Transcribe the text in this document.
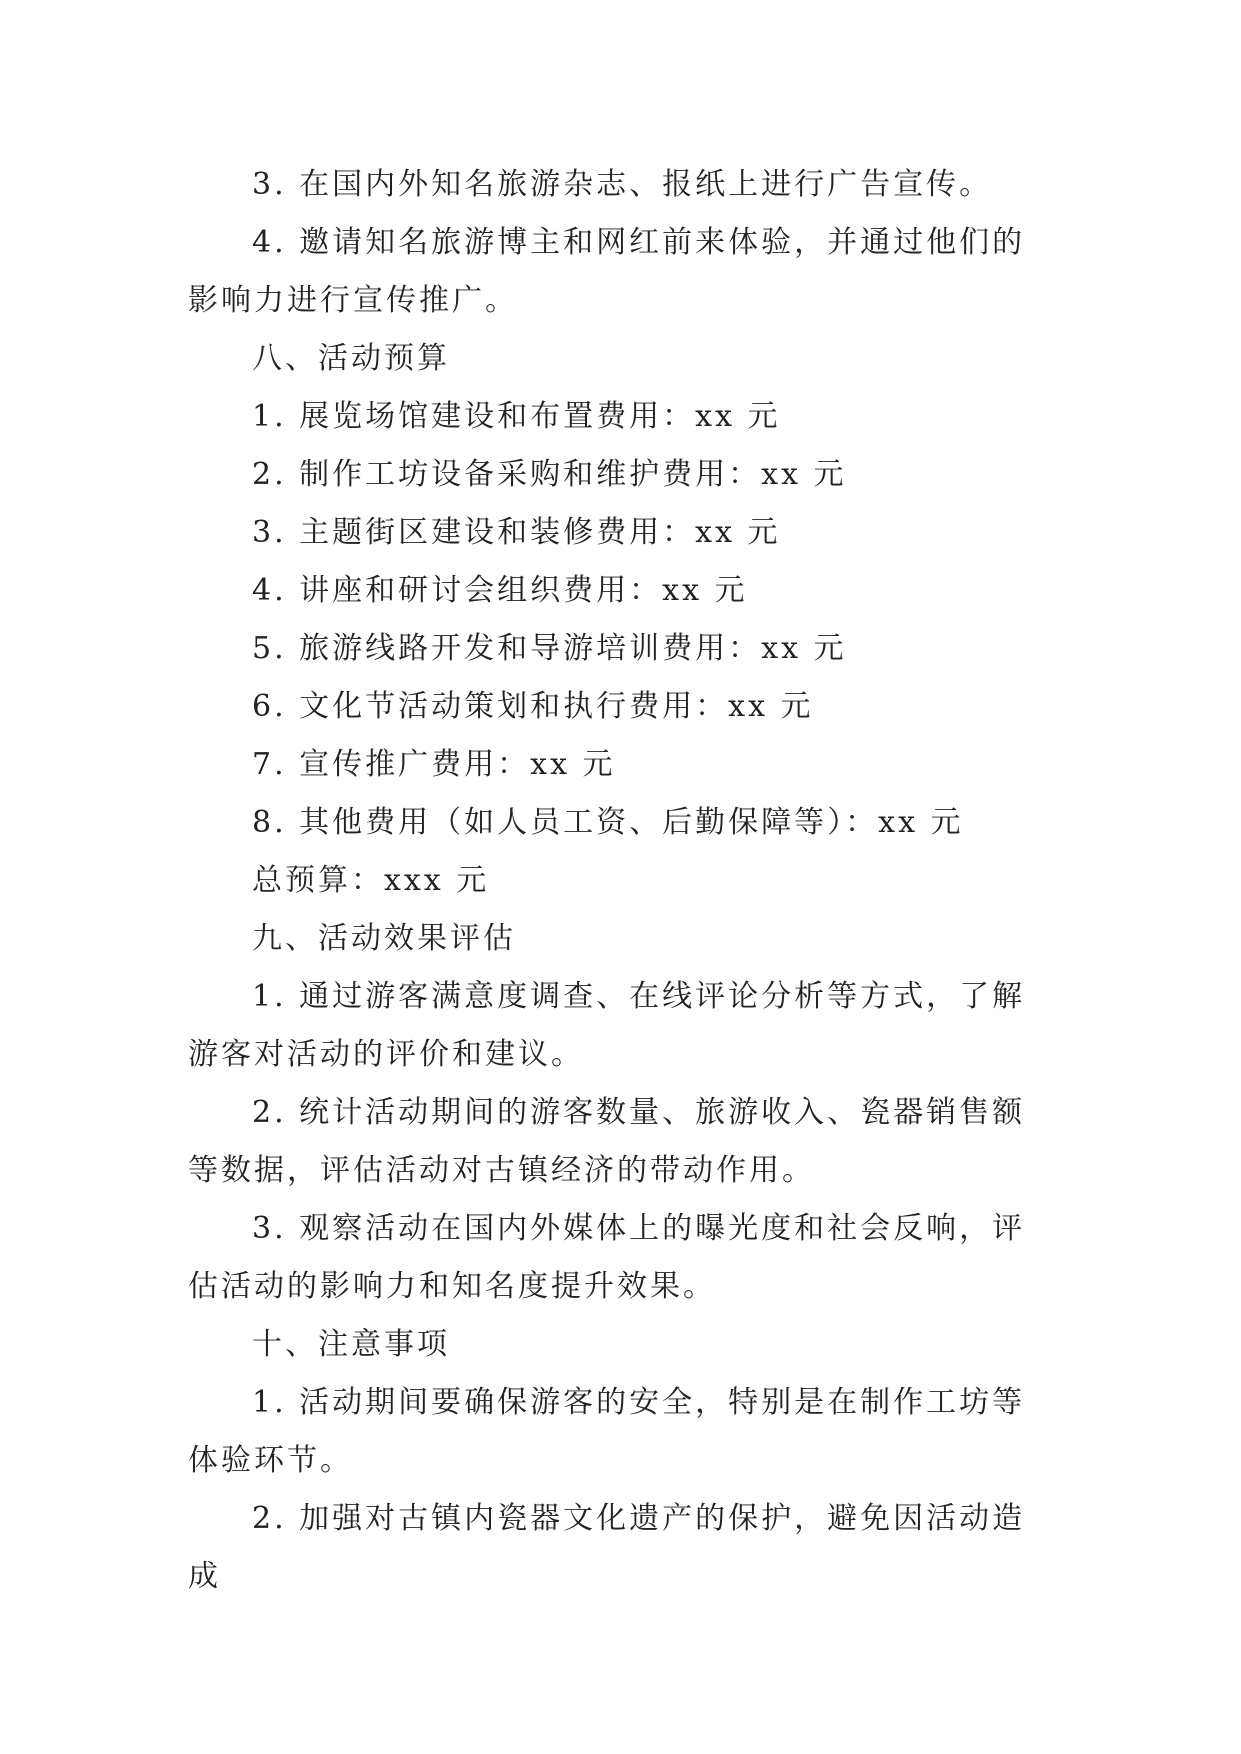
3. 在国内外知名旅游杂志、报纸上进行广告宣传。

4. 邀请知名旅游博主和网红前来体验，并通过他们的影响力进行宣传推广。

八、活动预算

1. 展览场馆建设和布置费用：xx 元

2. 制作工坊设备采购和维护费用：xx 元

3. 主题街区建设和装修费用：xx 元

4. 讲座和研讨会组织费用：xx 元

5. 旅游线路开发和导游培训费用：xx 元

6. 文化节活动策划和执行费用：xx 元

7. 宣传推广费用：xx 元

8. 其他费用（如人员工资、后勤保障等）：xx 元

总预算：xxx 元

九、活动效果评估

1. 通过游客满意度调查、在线评论分析等方式，了解游客对活动的评价和建议。

2. 统计活动期间的游客数量、旅游收入、瓷器销售额等数据，评估活动对古镇经济的带动作用。

3. 观察活动在国内外媒体上的曝光度和社会反响，评估活动的影响力和知名度提升效果。

十、注意事项

1. 活动期间要确保游客的安全，特别是在制作工坊等体验环节。

2. 加强对古镇内瓷器文化遗产的保护，避免因活动造成
